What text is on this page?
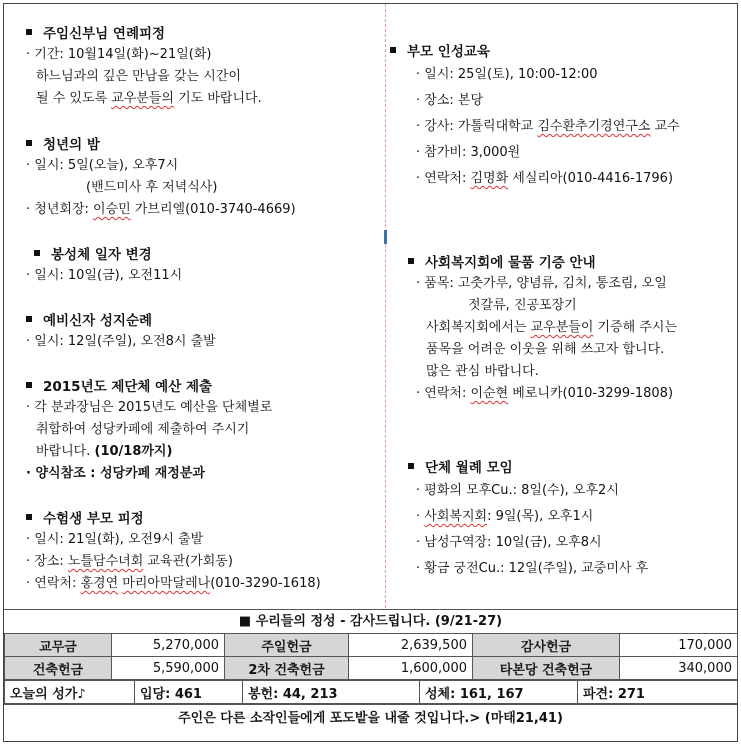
주임신부님 연례피정
· 기간: 10월14일(화)~21일(화)
하느님과의 깊은 만남을 갖는 시간이
될 수 있도록 교우분들의 기도 바랍니다.
청년의 밤
· 일시: 5일(오늘), 오후7시
(밴드미사 후 저녁식사)
· 청년회장: 이승민 가브리엘(010-3740-4669)
봉성체 일자 변경
· 일시: 10일(금), 오전11시
예비신자 성지순례
· 일시: 12일(주일), 오전8시 출발
2015년도 제단체 예산 제출
· 각 분과장님은 2015년도 예산을 단체별로
취합하여 성당카페에 제출하여 주시기
바랍니다. (10/18까지)
· 양식참조 : 성당카페 재정분과
수험생 부모 피정
· 일시: 21일(화), 오전9시 출발
· 장소: 노틀담수녀회 교육관(가회동)
· 연락처: 홍경연 마리아막달레나(010-3290-1618)
부모 인성교육
· 일시: 25일(토), 10:00-12:00
· 장소: 본당
· 강사: 가톨릭대학교 김수환추기경연구소 교수
· 참가비: 3,000원
· 연락처: 김명화 세실리아(010-4416-1796)
사회복지회에 물품 기증 안내
· 품목: 고춧가루, 양념류, 김치, 통조림, 오일
젓갈류, 진공포장기
사회복지회에서는 교우분들이 기증해 주시는
품목을 어려운 이웃을 위해 쓰고자 합니다.
많은 관심 바랍니다.
· 연락처: 이순현 베로니카(010-3299-1808)
단체 월례 모임
· 평화의 모후Cu.: 8일(수), 오후2시
· 사회복지회: 9일(목), 오후1시
· 남성구역장: 10일(금), 오후8시
· 황금 궁전Cu.: 12일(주일), 교중미사 후
■ 우리들의 정성 - 감사드립니다. (9/21-27)
교무금	5,270,000	주일헌금	2,639,500	감사헌금	170,000
건축헌금	5,590,000	2차 건축헌금	1,600,000	타본당 건축헌금	340,000
오늘의 성가♪	입당: 461	봉헌: 44, 213	성체: 161, 167	파견: 271
주인은 다른 소작인들에게 포도밭을 내줄 것입니다.> (마태21,41)
